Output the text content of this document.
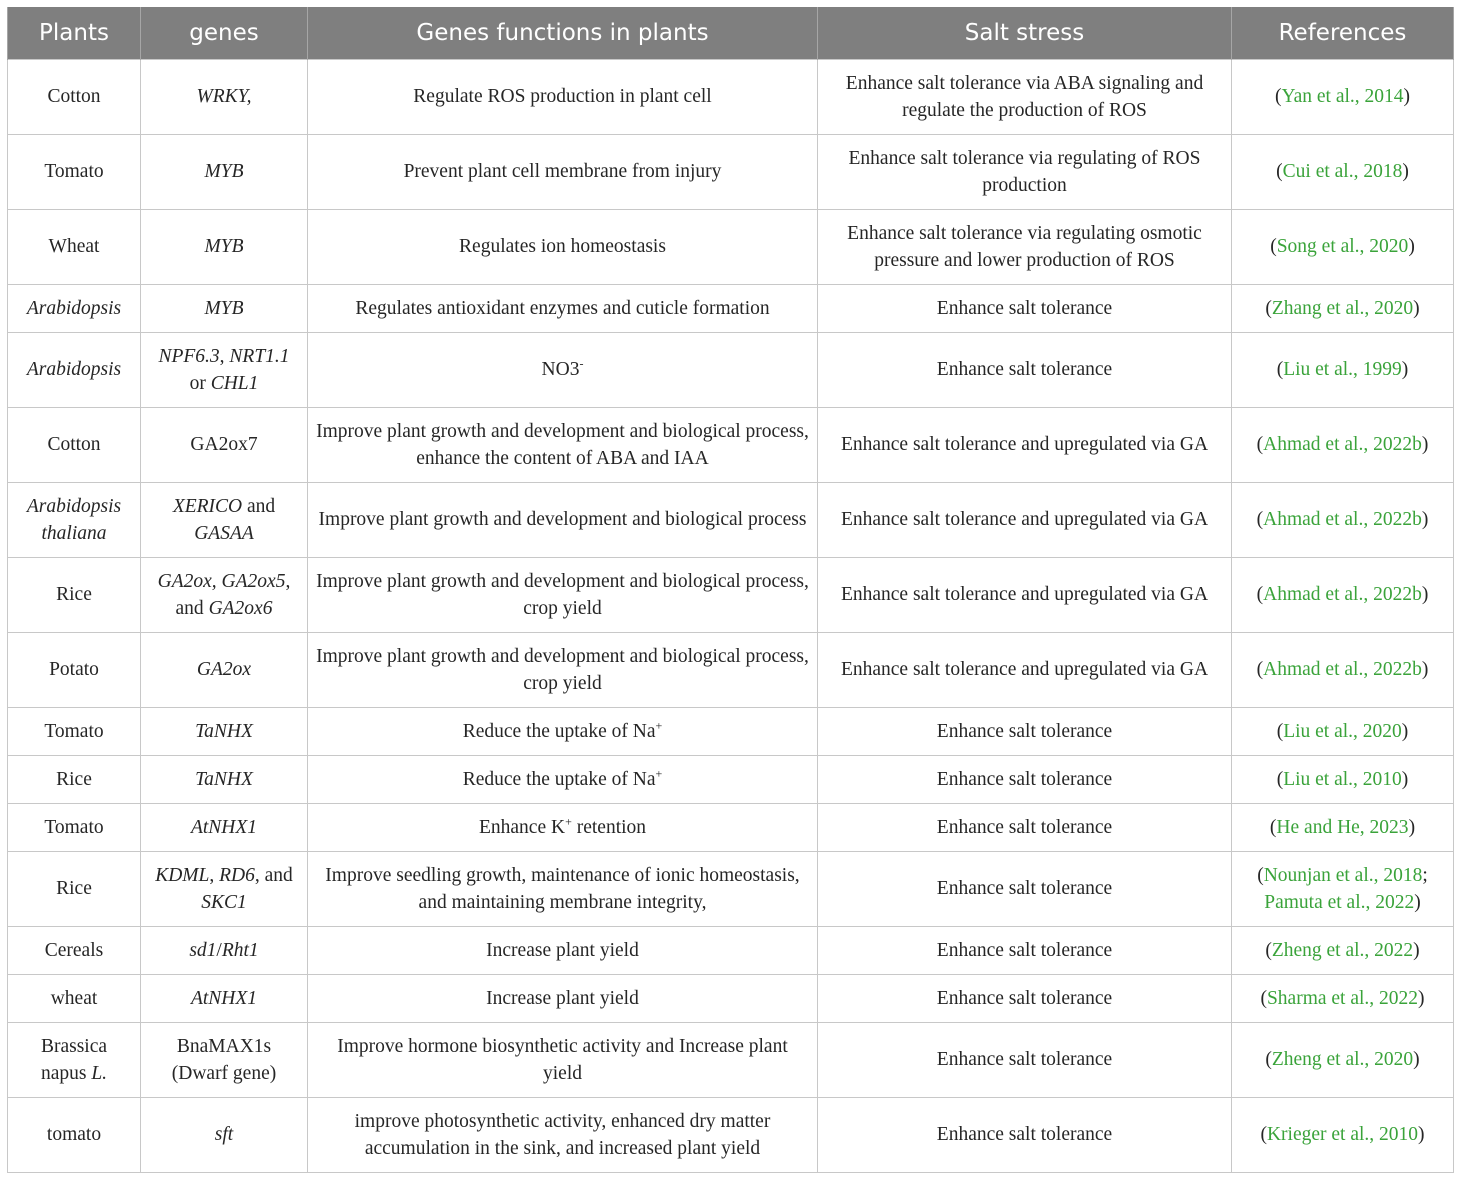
Plants	genes	Genes functions in plants	Salt stress	References
Cotton	WRKY,	Regulate ROS production in plant cell	Enhance salt tolerance via ABA signaling and regulate the production of ROS	(Yan et al., 2014)
Tomato	MYB	Prevent plant cell membrane from injury	Enhance salt tolerance via regulating of ROS production	(Cui et al., 2018)
Wheat	MYB	Regulates ion homeostasis	Enhance salt tolerance via regulating osmotic pressure and lower production of ROS	(Song et al., 2020)
Arabidopsis	MYB	Regulates antioxidant enzymes and cuticle formation	Enhance salt tolerance	(Zhang et al., 2020)
Arabidopsis	NPF6.3, NRT1.1 or CHL1	NO3-	Enhance salt tolerance	(Liu et al., 1999)
Cotton	GA2ox7	Improve plant growth and development and biological process, enhance the content of ABA and IAA	Enhance salt tolerance and upregulated via GA	(Ahmad et al., 2022b)
Arabidopsis thaliana	XERICO and GASAA	Improve plant growth and development and biological process	Enhance salt tolerance and upregulated via GA	(Ahmad et al., 2022b)
Rice	GA2ox, GA2ox5, and GA2ox6	Improve plant growth and development and biological process, crop yield	Enhance salt tolerance and upregulated via GA	(Ahmad et al., 2022b)
Potato	GA2ox	Improve plant growth and development and biological process, crop yield	Enhance salt tolerance and upregulated via GA	(Ahmad et al., 2022b)
Tomato	TaNHX	Reduce the uptake of Na+	Enhance salt tolerance	(Liu et al., 2020)
Rice	TaNHX	Reduce the uptake of Na+	Enhance salt tolerance	(Liu et al., 2010)
Tomato	AtNHX1	Enhance K+ retention	Enhance salt tolerance	(He and He, 2023)
Rice	KDML, RD6, and SKC1	Improve seedling growth, maintenance of ionic homeostasis, and maintaining membrane integrity,	Enhance salt tolerance	(Nounjan et al., 2018; Pamuta et al., 2022)
Cereals	sd1/Rht1	Increase plant yield	Enhance salt tolerance	(Zheng et al., 2022)
wheat	AtNHX1	Increase plant yield	Enhance salt tolerance	(Sharma et al., 2022)
Brassica napus L.	BnaMAX1s (Dwarf gene)	Improve hormone biosynthetic activity and Increase plant yield	Enhance salt tolerance	(Zheng et al., 2020)
tomato	sft	improve photosynthetic activity, enhanced dry matter accumulation in the sink, and increased plant yield	Enhance salt tolerance	(Krieger et al., 2010)
